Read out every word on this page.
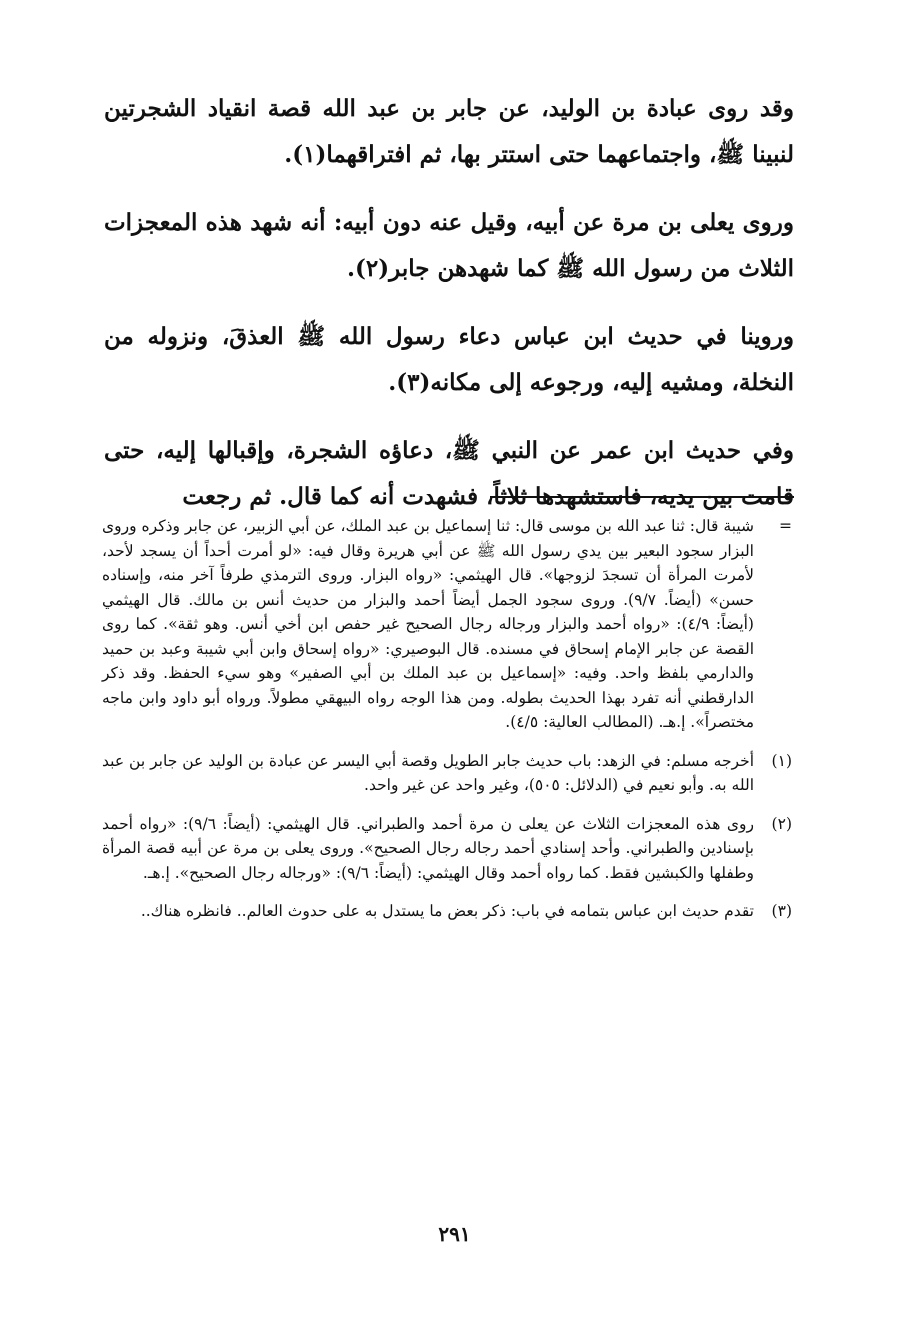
وقد روى عبادة بن الوليد، عن جابر بن عبد الله قصة انقياد الشجرتين لنبينا ﷺ، واجتماعهما حتى استتر بها، ثم افتراقهما(١).

وروى يعلى بن مرة عن أبيه، وقيل عنه دون أبيه: أنه شهد هذه المعجزات الثلاث من رسول الله ﷺ كما شهدهن جابر(٢).

وروينا في حديث ابن عباس دعاء رسول الله ﷺ العذقَ، ونزوله من النخلة، ومشيه إليه، ورجوعه إلى مكانه(٣).

وفي حديث ابن عمر عن النبي ﷺ، دعاؤه الشجرة، وإقبالها إليه، حتى قامت بين يديه، فاستشهدها ثلاثاً، فشهدت أنه كما قال. ثم رجعت

=
شيبة قال: ثنا عبد الله بن موسى قال: ثنا إسماعيل بن عبد الملك، عن أبي الزبير، عن جابر وذكره وروى البزار سجود البعير بين يدي رسول الله ﷺ عن أبي هريرة وقال فيه: «لو أمرت أحداً أن يسجد لأحد، لأمرت المرأة أن تسجدَ لزوجها». قال الهيثمي: «رواه البزار. وروى الترمذي طرفاً آخر منه، وإسناده حسن» (أيضاً. ٩/٧). وروى سجود الجمل أيضاً أحمد والبزار من حديث أنس بن مالك. قال الهيثمي (أيضاً: ٤/٩): «رواه أحمد والبزار ورجاله رجال الصحيح غير حفص ابن أخي أنس. وهو ثقة». كما روى القصة عن جابر الإمام إسحاق في مسنده. قال البوصيري: «رواه إسحاق وابن أبي شيبة وعبد بن حميد والدارمي بلفظ واحد. وفيه: «إسماعيل بن عبد الملك بن أبي الصفير» وهو سيء الحفظ. وقد ذكر الدارقطني أنه تفرد بهذا الحديث بطوله. ومن هذا الوجه رواه البيهقي مطولاً. ورواه أبو داود وابن ماجه مختصراً». إ.هـ. (المطالب العالية: ٤/٥).
(١)
أخرجه مسلم: في الزهد: باب حديث جابر الطويل وقصة أبي اليسر عن عبادة بن الوليد عن جابر بن عبد الله به. وأبو نعيم في (الدلائل: ٥٠٥)، وغير واحد عن غير واحد.
(٢)
روى هذه المعجزات الثلاث عن يعلى ن مرة أحمد والطبراني. قال الهيثمي: (أيضاً: ٩/٦): «رواه أحمد بإسنادين والطبراني. وأحد إسنادي أحمد رجاله رجال الصحيح». وروى يعلى بن مرة عن أبيه قصة المرأة وطفلها والكبشين فقط. كما رواه أحمد وقال الهيثمي: (أيضاً: ٩/٦): «ورجاله رجال الصحيح». إ.هـ.
(٣)
تقدم حديث ابن عباس بتمامه في باب: ذكر بعض ما يستدل به على حدوث العالم.. فانظره هناك..
٢٩١
